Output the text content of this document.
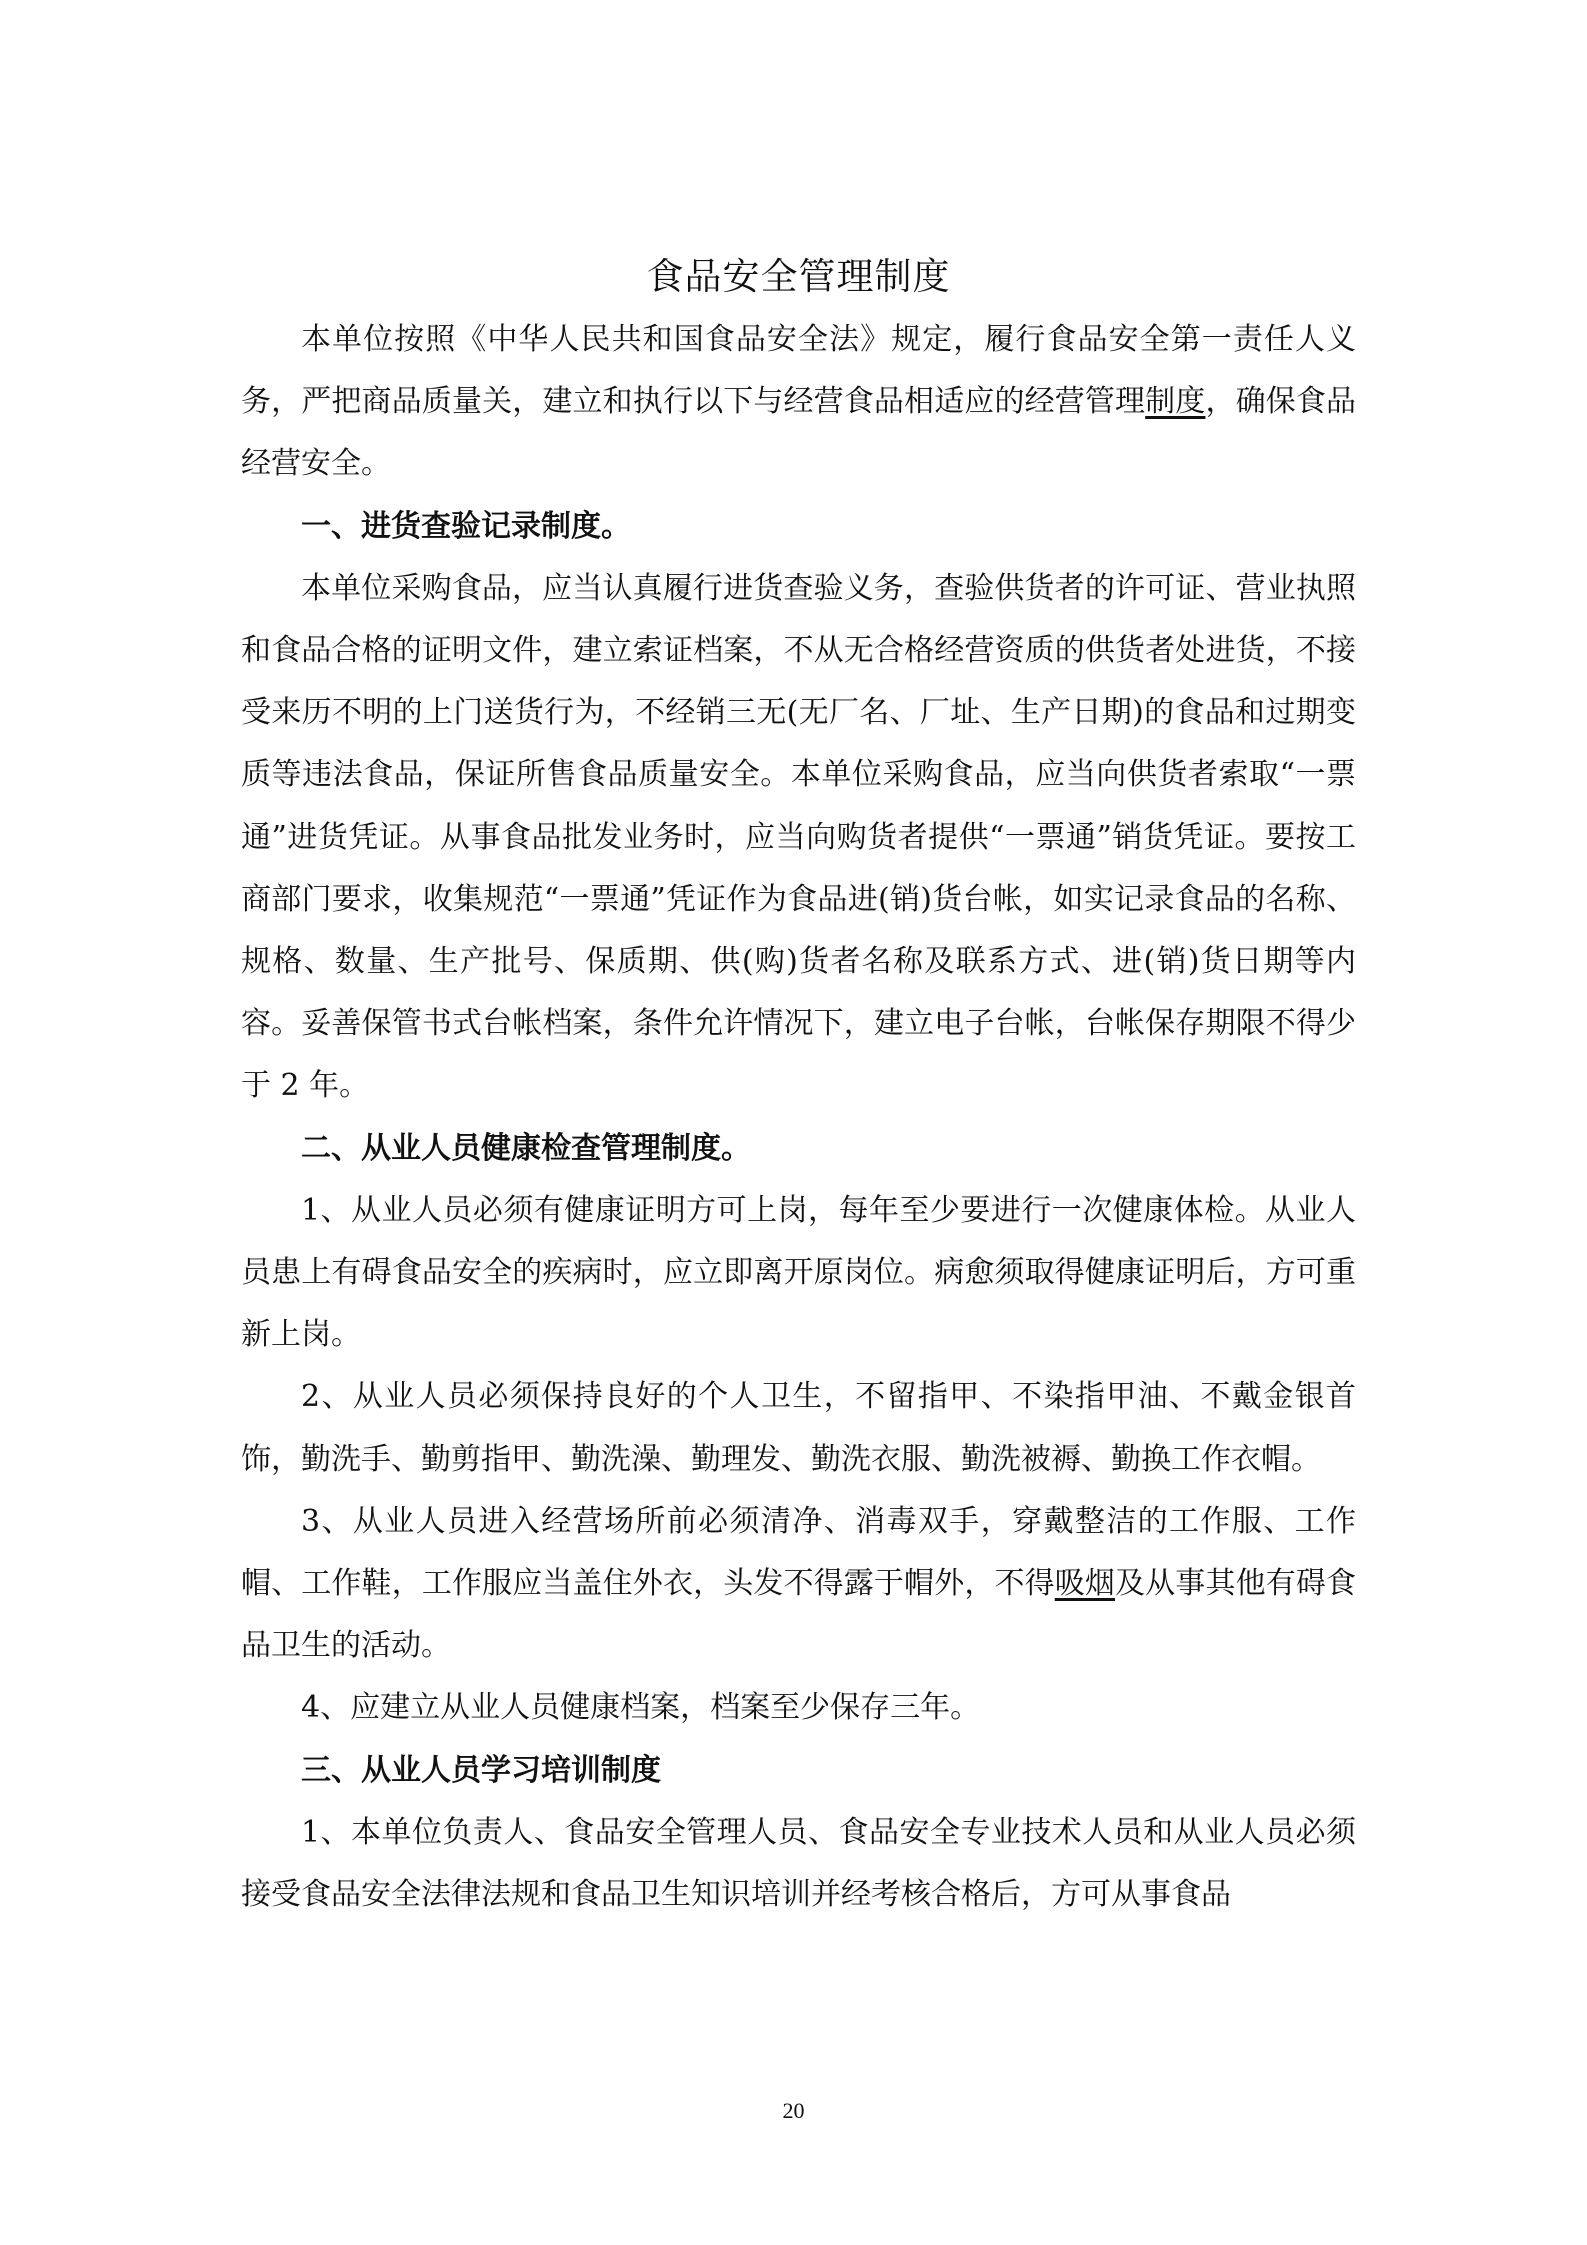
食品安全管理制度

本单位按照《中华人民共和国食品安全法》规定，履行食品安全第一责任人义务，严把商品质量关，建立和执行以下与经营食品相适应的经营管理制度，确保食品经营安全。

一、进货查验记录制度。

本单位采购食品，应当认真履行进货查验义务，查验供货者的许可证、营业执照和食品合格的证明文件，建立索证档案，不从无合格经营资质的供货者处进货，不接受来历不明的上门送货行为，不经销三无(无厂名、厂址、生产日期)的食品和过期变质等违法食品，保证所售食品质量安全。本单位采购食品，应当向供货者索取“一票通”进货凭证。从事食品批发业务时，应当向购货者提供“一票通”销货凭证。要按工商部门要求，收集规范“一票通”凭证作为食品进(销)货台帐，如实记录食品的名称、规格、数量、生产批号、保质期、供(购)货者名称及联系方式、进(销)货日期等内容。妥善保管书式台帐档案，条件允许情况下，建立电子台帐，台帐保存期限不得少于 2 年。

二、从业人员健康检查管理制度。

1、从业人员必须有健康证明方可上岗，每年至少要进行一次健康体检。从业人员患上有碍食品安全的疾病时，应立即离开原岗位。病愈须取得健康证明后，方可重新上岗。

2、从业人员必须保持良好的个人卫生，不留指甲、不染指甲油、不戴金银首饰，勤洗手、勤剪指甲、勤洗澡、勤理发、勤洗衣服、勤洗被褥、勤换工作衣帽。

3、从业人员进入经营场所前必须清净、消毒双手，穿戴整洁的工作服、工作帽、工作鞋，工作服应当盖住外衣，头发不得露于帽外，不得吸烟及从事其他有碍食品卫生的活动。

4、应建立从业人员健康档案，档案至少保存三年。

三、从业人员学习培训制度

1、本单位负责人、食品安全管理人员、食品安全专业技术人员和从业人员必须接受食品安全法律法规和食品卫生知识培训并经考核合格后，方可从事食品

20
